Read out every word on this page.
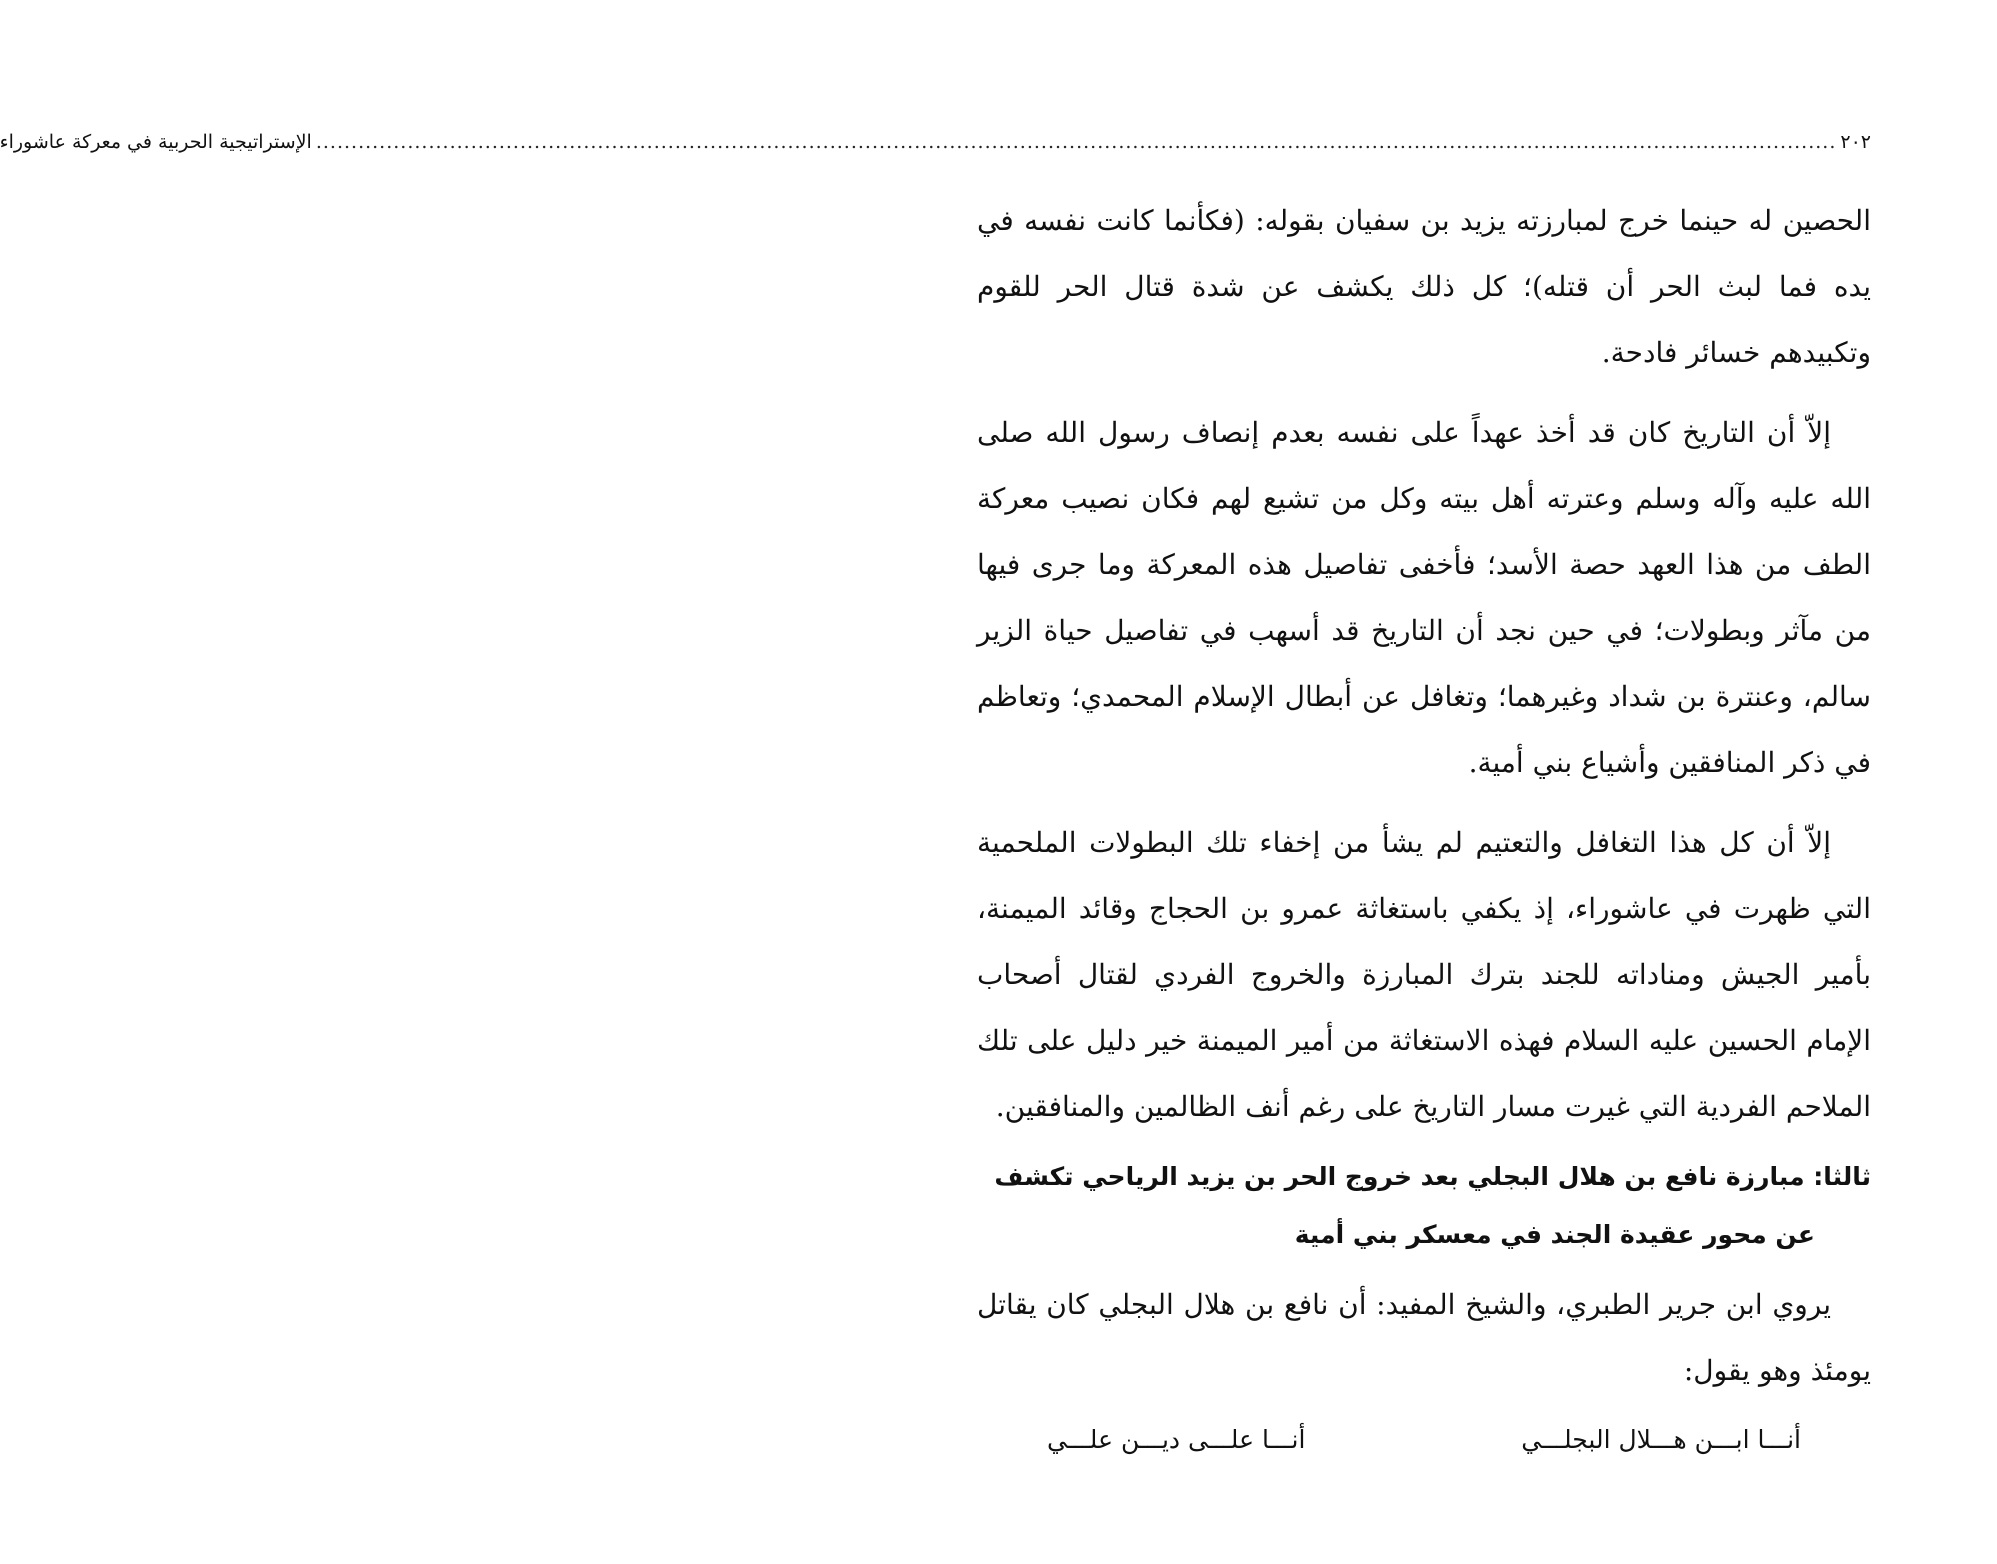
٢٠٢
........................................................................................................................................................................................................................
الإستراتيجية الحربية في معركة عاشوراء

الحصين له حينما خرج لمبارزته يزيد بن سفيان بقوله: (فكأنما كانت نفسه في يده فما لبث الحر أن قتله)؛ كل ذلك يكشف عن شدة قتال الحر للقوم وتكبيدهم خسائر فادحة.

إلاّ أن التاريخ كان قد أخذ عهداً على نفسه بعدم إنصاف رسول الله صلى الله عليه وآله وسلم وعترته أهل بيته وكل من تشيع لهم فكان نصيب معركة الطف من هذا العهد حصة الأسد؛ فأخفى تفاصيل هذه المعركة وما جرى فيها من مآثر وبطولات؛ في حين نجد أن التاريخ قد أسهب في تفاصيل حياة الزير سالم، وعنترة بن شداد وغيرهما؛ وتغافل عن أبطال الإسلام المحمدي؛ وتعاظم في ذكر المنافقين وأشياع بني أمية.

إلاّ أن كل هذا التغافل والتعتيم لم يشأ من إخفاء تلك البطولات الملحمية التي ظهرت في عاشوراء، إذ يكفي باستغاثة عمرو بن الحجاج وقائد الميمنة، بأمير الجيش ومناداته للجند بترك المبارزة والخروج الفردي لقتال أصحاب الإمام الحسين عليه السلام فهذه الاستغاثة من أمير الميمنة خير دليل على تلك الملاحم الفردية التي غيرت مسار التاريخ على رغم أنف الظالمين والمنافقين.

ثالثا: مبارزة نافع بن هلال البجلي بعد خروج الحر بن يزيد الرياحي تكشف
عن محور عقيدة الجند في معسكر بني أمية

يروي ابن جرير الطبري، والشيخ المفيد: أن نافع بن هلال البجلي كان يقاتل يومئذ وهو يقول:

أنـــا ابـــن هـــلال البجلـــي
أنـــا علـــى ديـــن علـــي
